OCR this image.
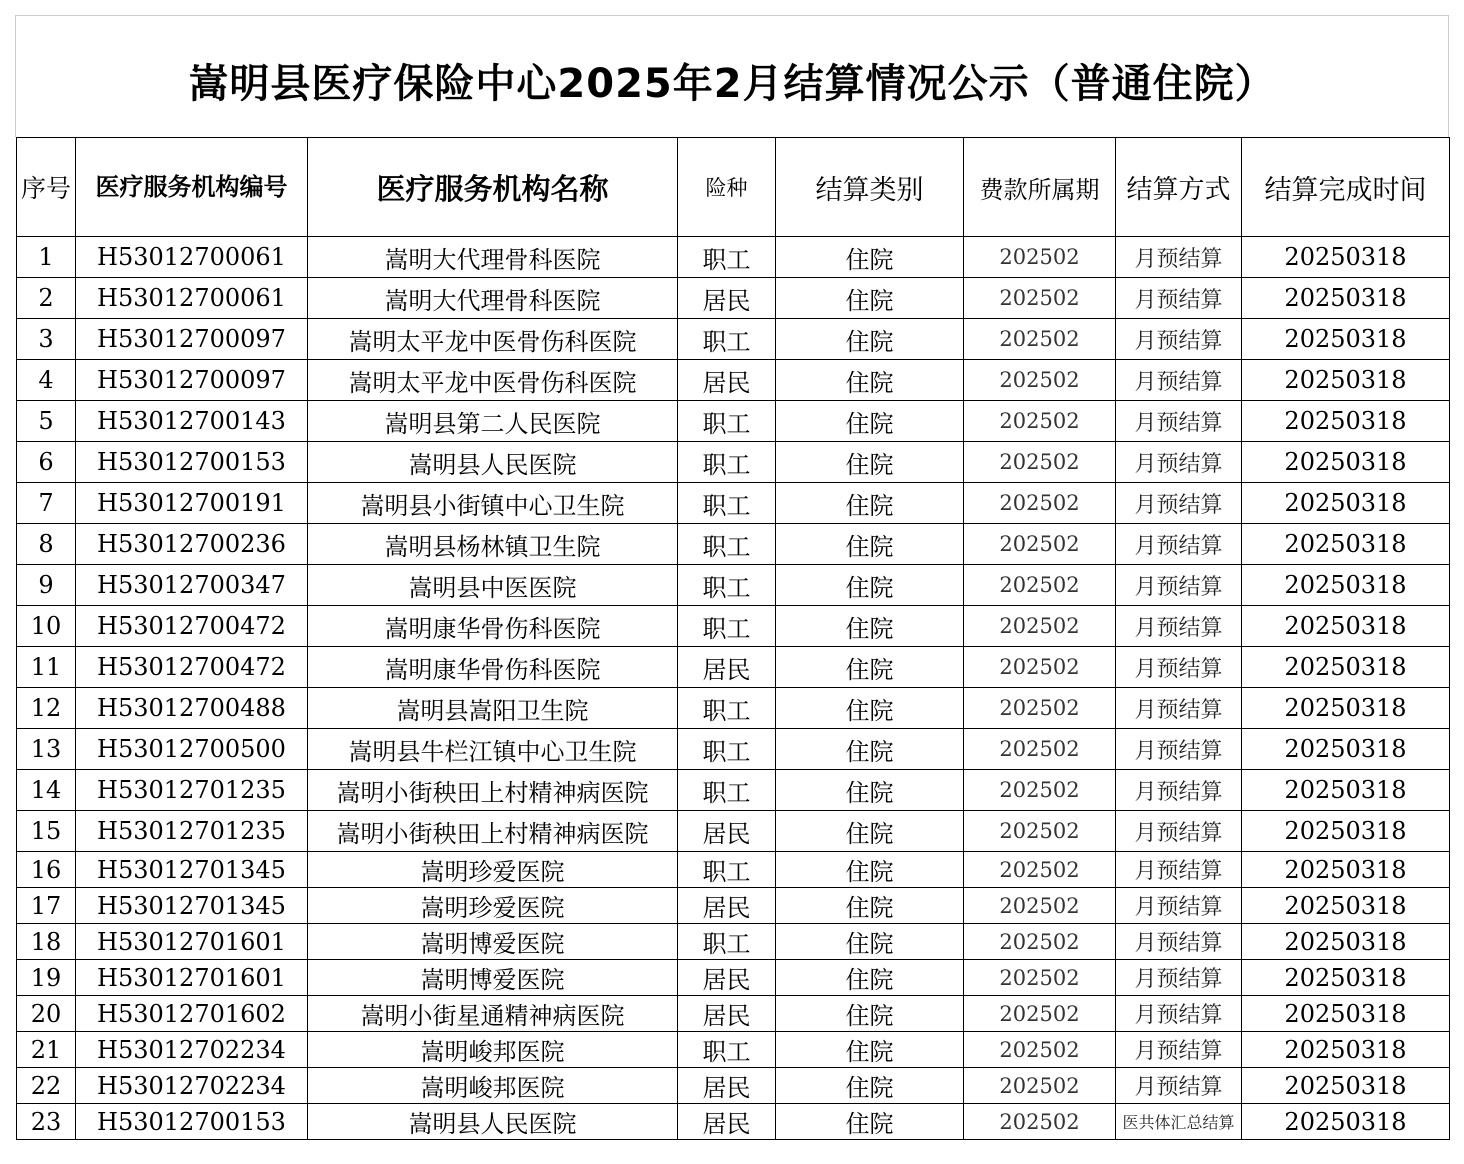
嵩明县医疗保险中心2025年2月结算情况公示（普通住院）
序号	医疗服务机构编号	医疗服务机构名称	险种	结算类别	费款所属期	结算方式	结算完成时间
1	H53012700061	嵩明大代理骨科医院	职工	住院	202502	月预结算	20250318
2	H53012700061	嵩明大代理骨科医院	居民	住院	202502	月预结算	20250318
3	H53012700097	嵩明太平龙中医骨伤科医院	职工	住院	202502	月预结算	20250318
4	H53012700097	嵩明太平龙中医骨伤科医院	居民	住院	202502	月预结算	20250318
5	H53012700143	嵩明县第二人民医院	职工	住院	202502	月预结算	20250318
6	H53012700153	嵩明县人民医院	职工	住院	202502	月预结算	20250318
7	H53012700191	嵩明县小街镇中心卫生院	职工	住院	202502	月预结算	20250318
8	H53012700236	嵩明县杨林镇卫生院	职工	住院	202502	月预结算	20250318
9	H53012700347	嵩明县中医医院	职工	住院	202502	月预结算	20250318
10	H53012700472	嵩明康华骨伤科医院	职工	住院	202502	月预结算	20250318
11	H53012700472	嵩明康华骨伤科医院	居民	住院	202502	月预结算	20250318
12	H53012700488	嵩明县嵩阳卫生院	职工	住院	202502	月预结算	20250318
13	H53012700500	嵩明县牛栏江镇中心卫生院	职工	住院	202502	月预结算	20250318
14	H53012701235	嵩明小街秧田上村精神病医院	职工	住院	202502	月预结算	20250318
15	H53012701235	嵩明小街秧田上村精神病医院	居民	住院	202502	月预结算	20250318
16	H53012701345	嵩明珍爱医院	职工	住院	202502	月预结算	20250318
17	H53012701345	嵩明珍爱医院	居民	住院	202502	月预结算	20250318
18	H53012701601	嵩明博爱医院	职工	住院	202502	月预结算	20250318
19	H53012701601	嵩明博爱医院	居民	住院	202502	月预结算	20250318
20	H53012701602	嵩明小街星通精神病医院	居民	住院	202502	月预结算	20250318
21	H53012702234	嵩明峻邦医院	职工	住院	202502	月预结算	20250318
22	H53012702234	嵩明峻邦医院	居民	住院	202502	月预结算	20250318
23	H53012700153	嵩明县人民医院	居民	住院	202502	医共体汇总结算	20250318
